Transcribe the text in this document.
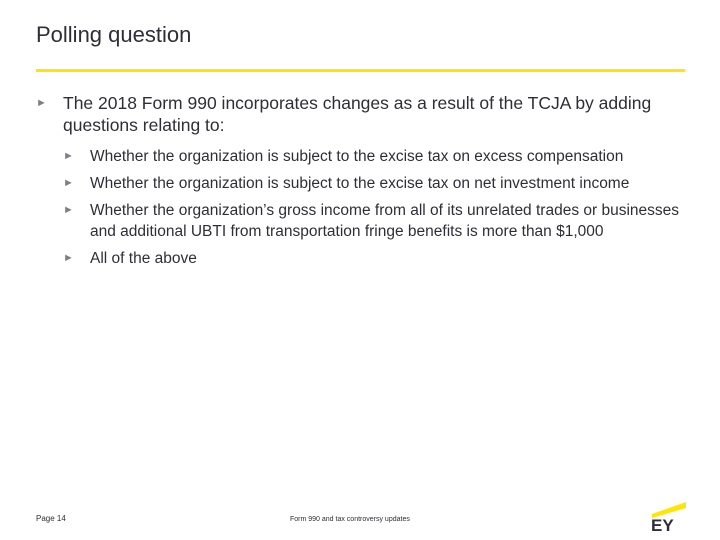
Polling question

► The 2018 Form 990 incorporates changes as a result of the TCJA by adding questions relating to:

► Whether the organization is subject to the excise tax on excess compensation
► Whether the organization is subject to the excise tax on net investment income
► Whether the organization’s gross income from all of its unrelated trades or businesses and additional UBTI from transportation fringe benefits is more than $1,000
► All of the above
Page 14	Form 990 and tax controversy updates	EY
